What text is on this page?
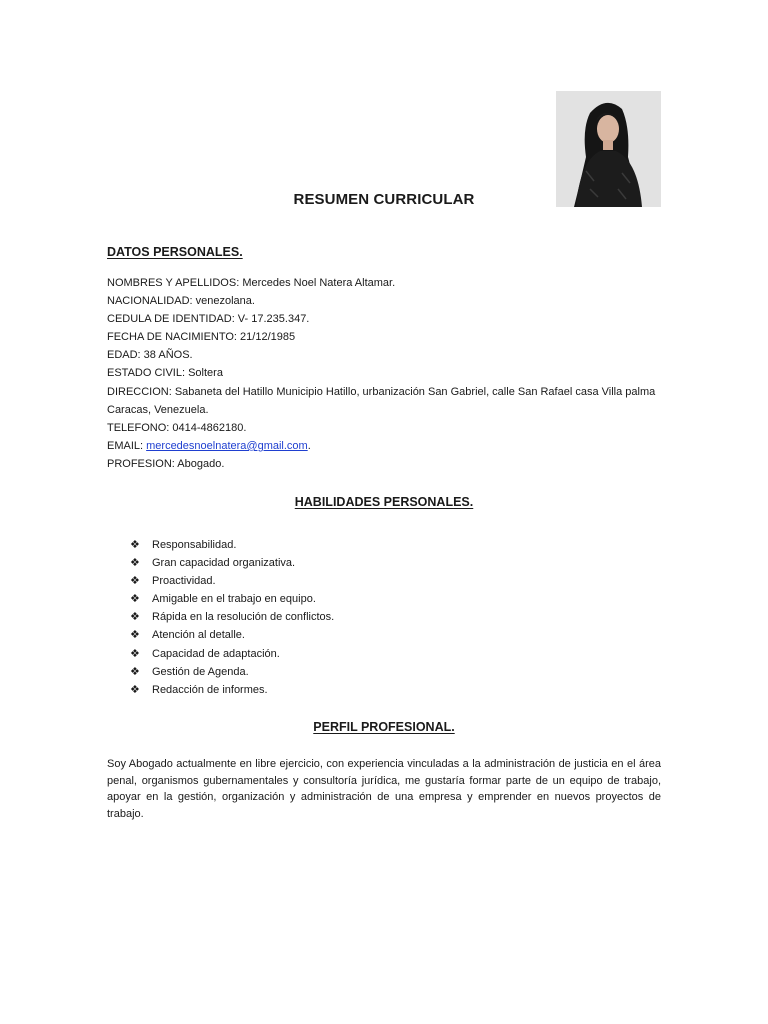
RESUMEN CURRICULAR
DATOS PERSONALES.
NOMBRES Y APELLIDOS: Mercedes Noel Natera Altamar.
NACIONALIDAD: venezolana.
CEDULA DE IDENTIDAD: V- 17.235.347.
FECHA DE NACIMIENTO: 21/12/1985
EDAD: 38 AÑOS.
ESTADO CIVIL: Soltera
DIRECCION: Sabaneta del Hatillo Municipio Hatillo, urbanización San Gabriel, calle San Rafael casa Villa palma Caracas, Venezuela.
TELEFONO: 0414-4862180.
EMAIL: mercedesnoelnatera@gmail.com.
PROFESION: Abogado.
HABILIDADES PERSONALES.
❖ Responsabilidad.
❖ Gran capacidad organizativa.
❖ Proactividad.
❖ Amigable en el trabajo en equipo.
❖ Rápida en la resolución de conflictos.
❖ Atención al detalle.
❖ Capacidad de adaptación.
❖ Gestión de Agenda.
❖ Redacción de informes.
PERFIL PROFESIONAL.
Soy Abogado actualmente en libre ejercicio, con experiencia vinculadas a la administración de justicia en el área penal, organismos gubernamentales y consultoría jurídica, me gustaría formar parte de un equipo de trabajo, apoyar en la gestión, organización y administración de una empresa y emprender en nuevos proyectos de trabajo.
